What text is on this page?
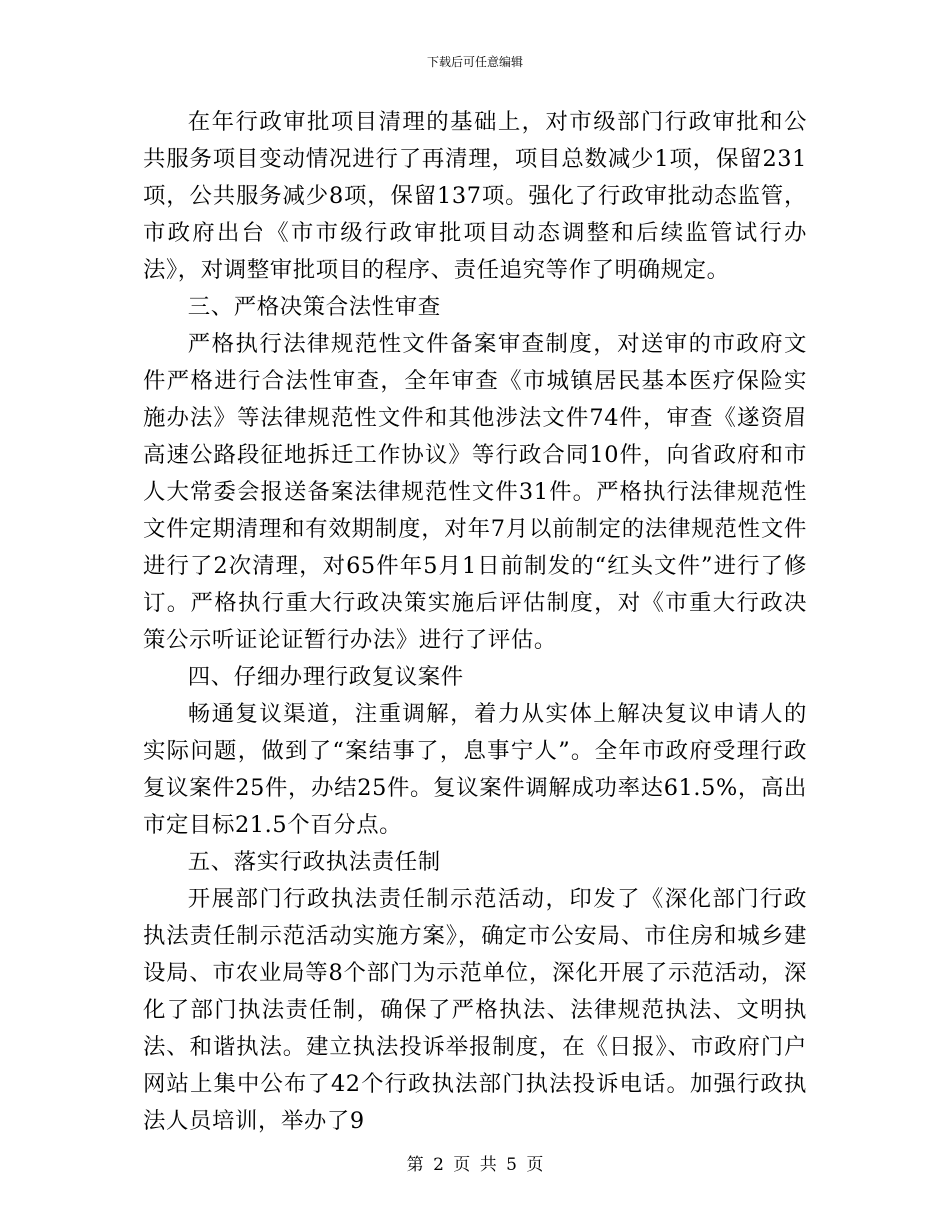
下载后可任意编辑

在年行政审批项目清理的基础上，对市级部门行政审批和公共服务项目变动情况进行了再清理，项目总数减少1项，保留231项，公共服务减少8项，保留137项。强化了行政审批动态监管，市政府出台《市市级行政审批项目动态调整和后续监管试行办法》，对调整审批项目的程序、责任追究等作了明确规定。

三、严格决策合法性审查

严格执行法律规范性文件备案审查制度，对送审的市政府文件严格进行合法性审查，全年审查《市城镇居民基本医疗保险实施办法》等法律规范性文件和其他涉法文件74件，审查《遂资眉高速公路段征地拆迁工作协议》等行政合同10件，向省政府和市人大常委会报送备案法律规范性文件31件。严格执行法律规范性文件定期清理和有效期制度，对年7月以前制定的法律规范性文件进行了2次清理，对65件年5月1日前制发的“红头文件”进行了修订。严格执行重大行政决策实施后评估制度，对《市重大行政决策公示听证论证暂行办法》进行了评估。

四、仔细办理行政复议案件

畅通复议渠道，注重调解，着力从实体上解决复议申请人的实际问题，做到了“案结事了，息事宁人”。全年市政府受理行政复议案件25件，办结25件。复议案件调解成功率达61.5%，高出市定目标21.5个百分点。

五、落实行政执法责任制

开展部门行政执法责任制示范活动，印发了《深化部门行政执法责任制示范活动实施方案》，确定市公安局、市住房和城乡建设局、市农业局等8个部门为示范单位，深化开展了示范活动，深化了部门执法责任制，确保了严格执法、法律规范执法、文明执法、和谐执法。建立执法投诉举报制度，在《日报》、市政府门户网站上集中公布了42个行政执法部门执法投诉电话。加强行政执法人员培训，举办了9

第 2 页 共 5 页
